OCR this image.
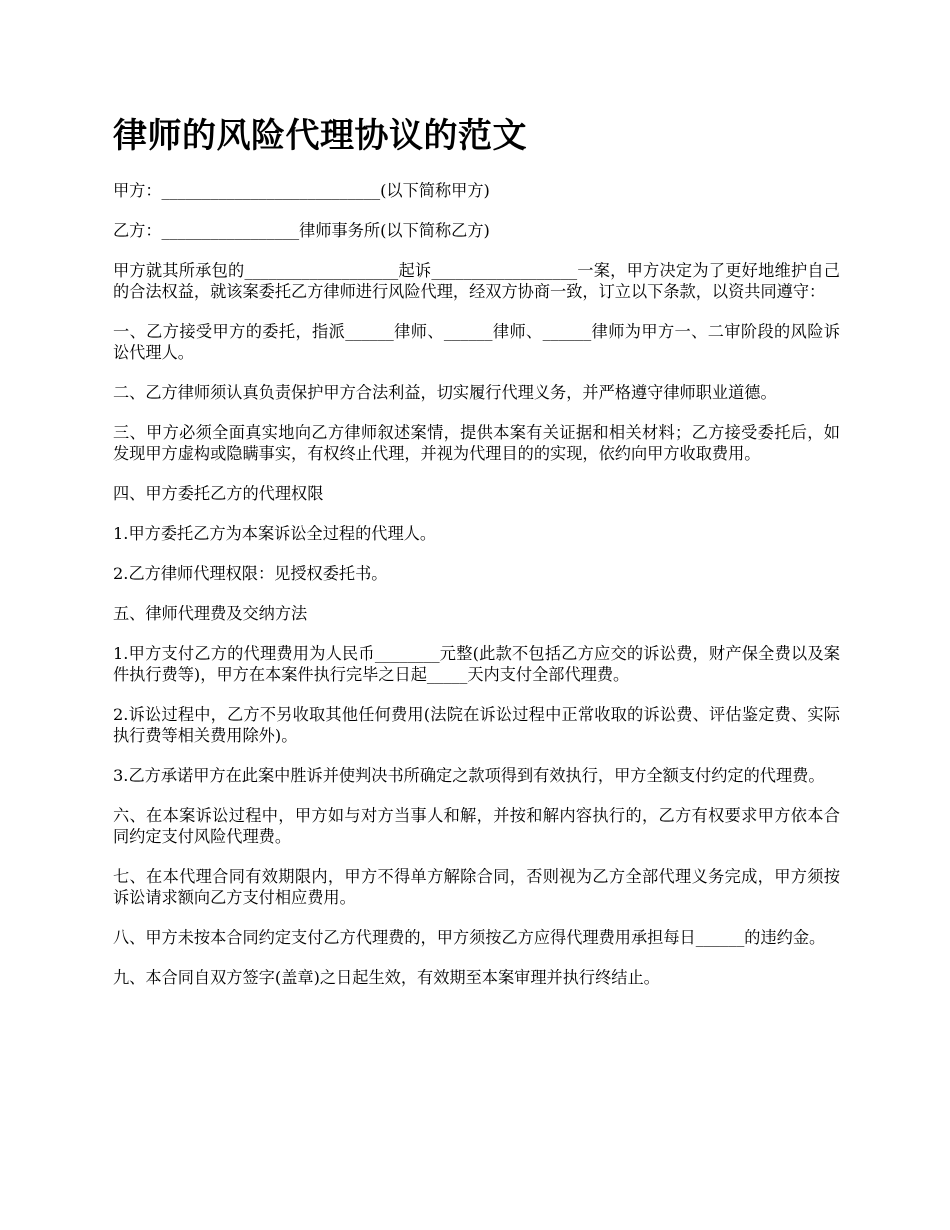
律师的风险代理协议的范文

甲方：___________________________(以下简称甲方)

乙方：_________________律师事务所(以下简称乙方)

甲方就其所承包的___________________起诉__________________一案，甲方决定为了更好地维护自己的合法权益，就该案委托乙方律师进行风险代理，经双方协商一致，订立以下条款，以资共同遵守：

一、乙方接受甲方的委托，指派______律师、______律师、______律师为甲方一、二审阶段的风险诉讼代理人。

二、乙方律师须认真负责保护甲方合法利益，切实履行代理义务，并严格遵守律师职业道德。

三、甲方必须全面真实地向乙方律师叙述案情，提供本案有关证据和相关材料；乙方接受委托后，如发现甲方虚构或隐瞒事实，有权终止代理，并视为代理目的的实现，依约向甲方收取费用。

四、甲方委托乙方的代理权限

1.甲方委托乙方为本案诉讼全过程的代理人。

2.乙方律师代理权限：见授权委托书。

五、律师代理费及交纳方法

1.甲方支付乙方的代理费用为人民币________元整(此款不包括乙方应交的诉讼费，财产保全费以及案件执行费等)，甲方在本案件执行完毕之日起_____天内支付全部代理费。

2.诉讼过程中，乙方不另收取其他任何费用(法院在诉讼过程中正常收取的诉讼费、评估鉴定费、实际执行费等相关费用除外)。

3.乙方承诺甲方在此案中胜诉并使判决书所确定之款项得到有效执行，甲方全额支付约定的代理费。

六、在本案诉讼过程中，甲方如与对方当事人和解，并按和解内容执行的，乙方有权要求甲方依本合同约定支付风险代理费。

七、在本代理合同有效期限内，甲方不得单方解除合同，否则视为乙方全部代理义务完成，甲方须按诉讼请求额向乙方支付相应费用。

八、甲方未按本合同约定支付乙方代理费的，甲方须按乙方应得代理费用承担每日______的违约金。

九、本合同自双方签字(盖章)之日起生效，有效期至本案审理并执行终结止。
